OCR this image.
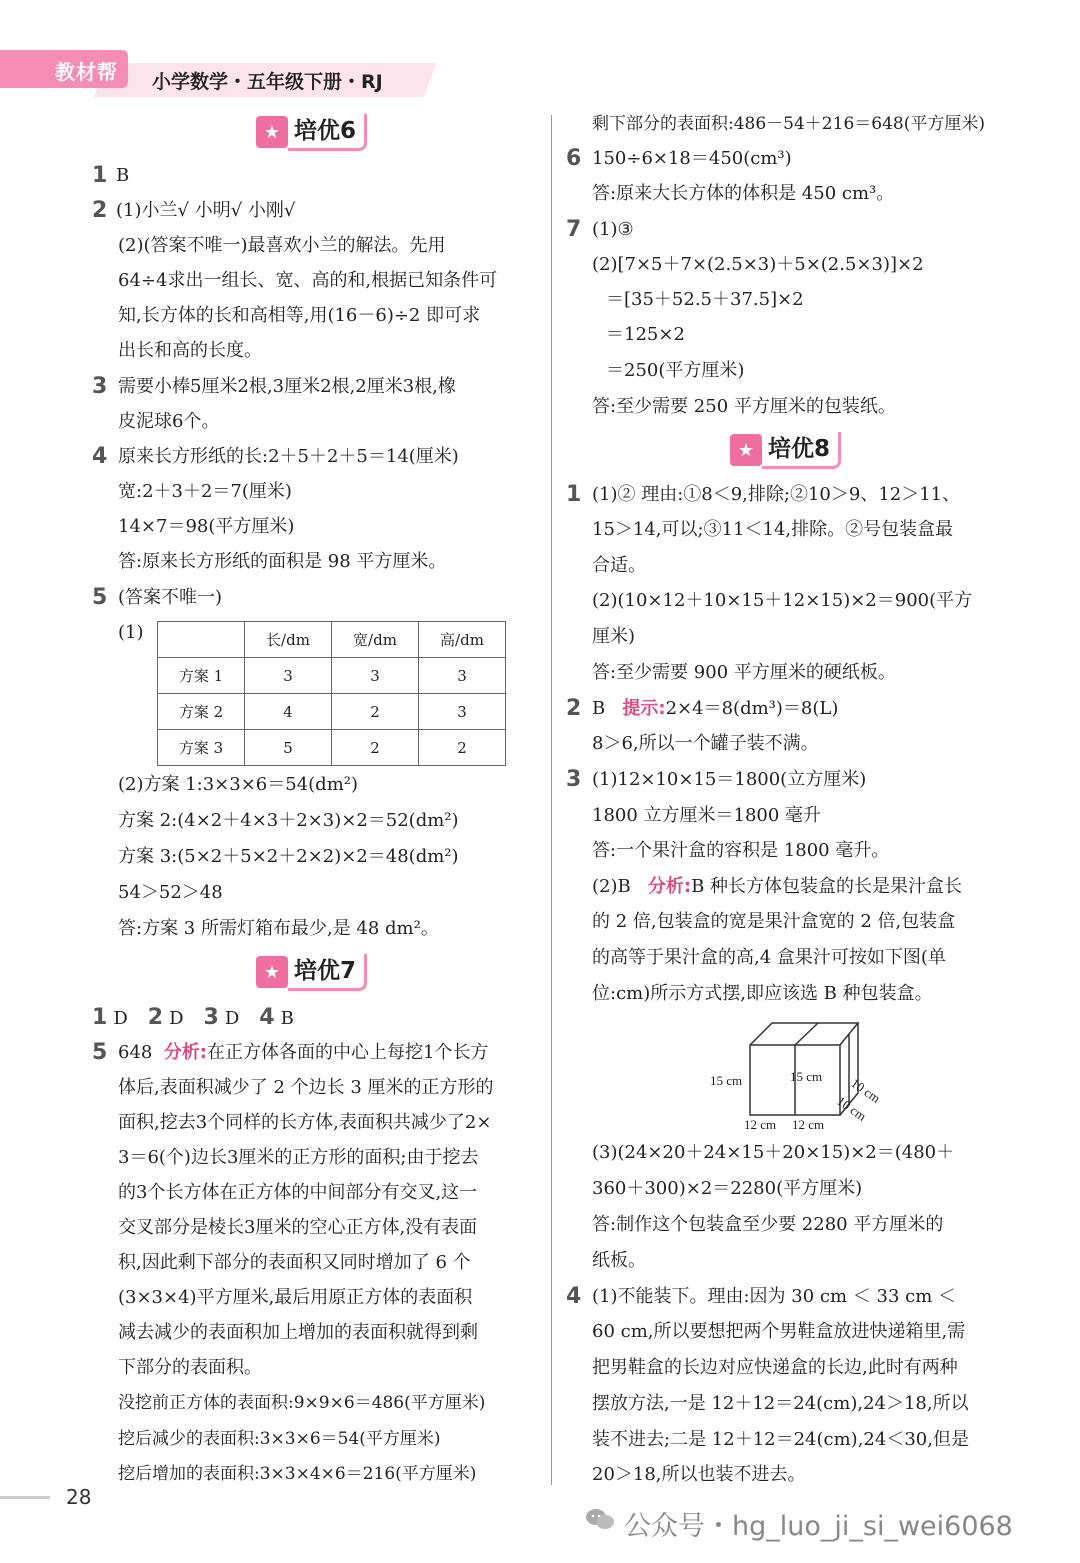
教材帮 小学数学・五年级下册・RJ
★ 培优6
1 B
2 (1)小兰√ 小明√ 小刚√
(2)(答案不唯一)最喜欢小兰的解法。先用
64÷4求出一组长、宽、高的和,根据已知条件可
知,长方体的长和高相等,用(16－6)÷2 即可求
出长和高的长度。
3 需要小棒5厘米2根,3厘米2根,2厘米3根,橡
皮泥球6个。
4 原来长方形纸的长:2＋5＋2＋5＝14(厘米)
宽:2＋3＋2＝7(厘米)
14×7＝98(平方厘米)
答:原来长方形纸的面积是 98 平方厘米。
5 (答案不唯一)
(1)
		长/dm	宽/dm	高/dm
方案 1	3	3	3
方案 2	4	2	3
方案 3	5	2	2
(2)方案 1:3×3×6＝54(dm²)
方案 2:(4×2＋4×3＋2×3)×2＝52(dm²)
方案 3:(5×2＋5×2＋2×2)×2＝48(dm²)
54＞52＞48
答:方案 3 所需灯箱布最少,是 48 dm²。
★ 培优7
1 D 2 D 3 D 4 B
5 648 分析:在正方体各面的中心上每挖1个长方
体后,表面积减少了 2 个边长 3 厘米的正方形的
面积,挖去3个同样的长方体,表面积共减少了2×
3＝6(个)边长3厘米的正方形的面积;由于挖去
的3个长方体在正方体的中间部分有交叉,这一
交叉部分是棱长3厘米的空心正方体,没有表面
积,因此剩下部分的表面积又同时增加了 6 个
(3×3×4)平方厘米,最后用原正方体的表面积
减去减少的表面积加上增加的表面积就得到剩
下部分的表面积。
没挖前正方体的表面积:9×9×6＝486(平方厘米)
挖后减少的表面积:3×3×6＝54(平方厘米)
挖后增加的表面积:3×3×4×6＝216(平方厘米)
剩下部分的表面积:486－54＋216＝648(平方厘米)
6 150÷6×18＝450(cm³)
答:原来大长方体的体积是 450 cm³。
7 (1)③
(2)[7×5＋7×(2.5×3)＋5×(2.5×3)]×2
＝[35＋52.5＋37.5]×2
＝125×2
＝250(平方厘米)
答:至少需要 250 平方厘米的包装纸。
★ 培优8
1 (1)② 理由:①8＜9,排除;②10＞9、12＞11、
15＞14,可以;③11＜14,排除。②号包装盒最
合适。
(2)(10×12＋10×15＋12×15)×2＝900(平方
厘米)
答:至少需要 900 平方厘米的硬纸板。
2 B 提示:2×4＝8(dm³)＝8(L)
8＞6,所以一个罐子装不满。
3 (1)12×10×15＝1800(立方厘米)
1800 立方厘米＝1800 毫升
答:一个果汁盒的容积是 1800 毫升。
(2)B 分析:B 种长方体包装盒的长是果汁盒长
的 2 倍,包装盒的宽是果汁盒宽的 2 倍,包装盒
的高等于果汁盒的高,4 盒果汁可按如下图(单
位:cm)所示方式摆,即应该选 B 种包装盒。
15 cm	15 cm
12 cm 12 cm
10 cm
10 cm
(3)(24×20＋24×15＋20×15)×2＝(480＋
360＋300)×2＝2280(平方厘米)
答:制作这个包装盒至少要 2280 平方厘米的
纸板。
4 (1)不能装下。理由:因为 30 cm ＜ 33 cm ＜
60 cm,所以要想把两个男鞋盒放进快递箱里,需
把男鞋盒的长边对应快递盒的长边,此时有两种
摆放方法,一是 12＋12＝24(cm),24＞18,所以
装不进去;二是 12＋12＝24(cm),24＜30,但是
20＞18,所以也装不进去。
28
公众号・hg_luo_ji_si_wei6068
